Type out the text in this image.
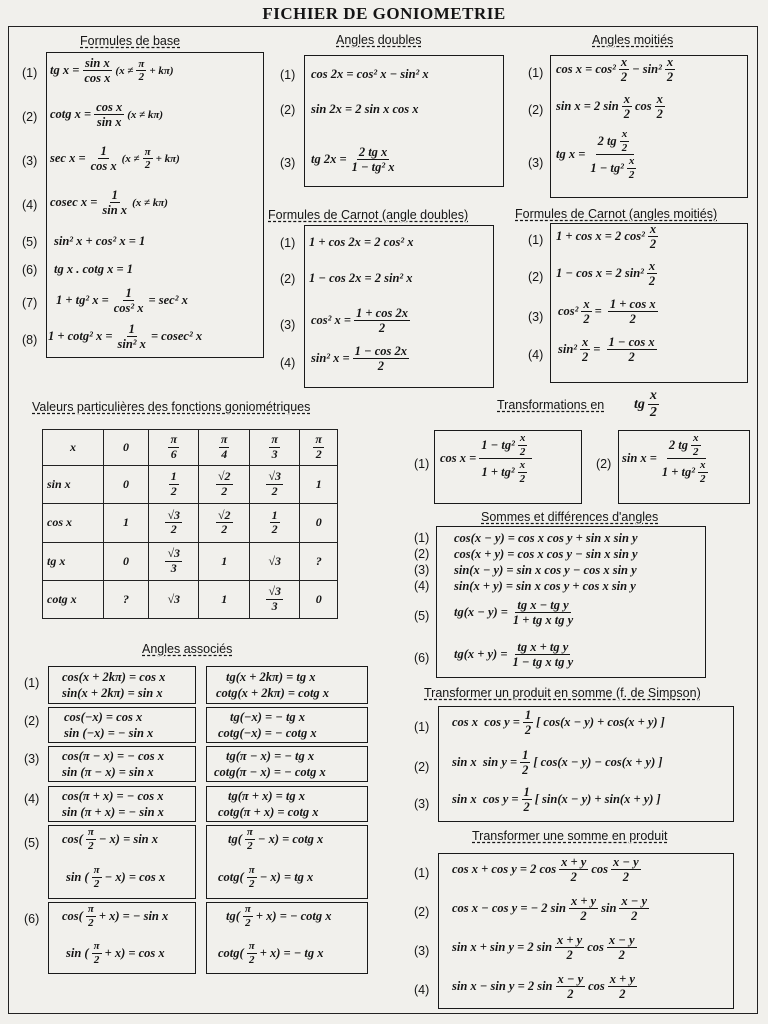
FICHIER DE GONIOMETRIE
Formules de base
(1) tg $x = \frac{\text{sin x}}{\text{cos x}} (x$ ≠
π
2
+ kπ)
(2) cotg $x = \frac{\text{cos x}}{\text{sin x}} (x \ne k\pi)$
(3) $\sec x = \frac{1}{\text{cos x}} (x$ ≠
π
2
+ kπ)
(4) cosec $x = \frac{1}{\text{sin x}} (x \ne k\pi)$
(5) sin² x + cos² x = 1
(6) tg x . cotg x = 1
(7) 1 + tg² $x = \frac{1}{\text{cos² x}} = \sec^2$ x
(8) 1 + cotg² $x = \frac{1}{\text{sin² x}} = cosec^2$ x
Angles doubles
(1) cos 2x = cos² x − sin² x
(2) sin 2x = 2 sin x cos x
(3) tg $2x = \frac{\text{2 tg x}}{\text{1 − tg² x}}$
Angles moitiés
(1) cos x = cos²
x
2
− sin²
x
2
(2) sin x = 2 sin
x
2
cos
x
2
(3)
tg x =
2 tg x
2
1 − tg² x
2
Formules de Carnot (angle doubles)
(1) 1 + cos 2x = 2 cos² x
(2) 1 − cos 2x = 2 sin² x
(3) cos² $x = \frac{1 + \cos 2x}{2}$
(4) sin² $x = \frac{1 - \cos 2x}{2}$
Formules de Carnot (angles moitiés)
(1) 1 + cos x = 2 cos²
x
2
(2) 1 − cos x = 2 sin²
x
2
(3) $\cos^2 \frac{x}{2} = \frac{\text{1 + cos x}}{2}$
(4) $\sin^2 \frac{x}{2} = \frac{\text{1 − cos x}}{2}$
Valeurs particulières des fonctions goniométriques
x	0	$\frac{\pi}{6}$	$\frac{\pi}{4}$	$\frac{\pi}{3}$	$\frac{\pi}{2}$

sin x	0	$\frac{1}{2}$	$\frac{√2}{2}$	$\frac{√3}{2}$	1
cos x	1	$\frac{√3}{2}$	$\frac{√2}{2}$	$\frac{1}{2}$	0
tg x	0	$\frac{√3}{3}$	1	√3	?
cotg x	?	√3	1	$\frac{√3}{3}$	0
Transformations en tg
x
2
(1) cos x = 1 − tg² x
2
1 + tg² x
2	(2) sin x =
2 tg x
2
1 + tg² x
2
Sommes et différences d'angles
(1) cos(x − y) = cos x cos y + sin x sin y
(2) cos(x + y) = cos x cos y − sin x sin y
(3) sin(x − y) = sin x cos y − cos x sin y
(4) sin(x + y) = sin x cos y + cos x sin y
(5) $tg(x - y) = \frac{\text{tg x − tg y}}{\text{1 + tg x tg y}}$
(6) $tg(x + y) = \frac{\text{tg x + tg y}}{\text{1 − tg x tg y}}$
Angles associés
(1) cos(x + 2kπ) = cos x
sin(x + 2kπ) = sin x
tg(x + 2kπ) = tg x
cotg(x + 2kπ) = cotg x
(2) cos(−x) = cos x
sin (−x) = − sin x
tg(−x) = − tg x
cotg(−x) = − cotg x
(3) cos(π − x) = − cos x
sin (π − x) = sin x
tg(π − x) = − tg x
cotg(π − x) = − cotg x
(4) cos(π + x) = − cos x
sin (π + x) = − sin x
tg(π + x) = tg x
cotg(π + x) = cotg x
(5) cos( π
2 − x) = sin x
sin ( π
2 − x) = cos x
tg( π
2 − x) = cotg x
cotg( π
2 − x) = tg x
(6) cos( π
2 + x) = − sin x
sin ( π
2 + x) = cos x
tg( π
2 + x) = − cotg x
cotg( π
2 + x) = − tg x
Transformer un produit en somme (f. de Simpson)
(1) cos x  $\cos y = \frac{1}{2}$ [ cos(x − y) + cos(x + y) ]
(2) sin x  $\sin y = \frac{1}{2}$ [ cos(x − y) − cos(x + y) ]
(3) sin x  $\cos y = \frac{1}{2}$ [ sin(x − y) + sin(x + y) ]
Transformer une somme en produit
(1) cos x + cos y = 2 cos
x + y
2
cos
x − y
2
(2) cos x − cos y = − 2 sin
x + y
2
sin
x − y
2
(3) sin x + sin y = 2 sin
x + y
2
cos
x − y
2
(4) sin x − sin y = 2 sin
x − y
2
cos
x + y
2
